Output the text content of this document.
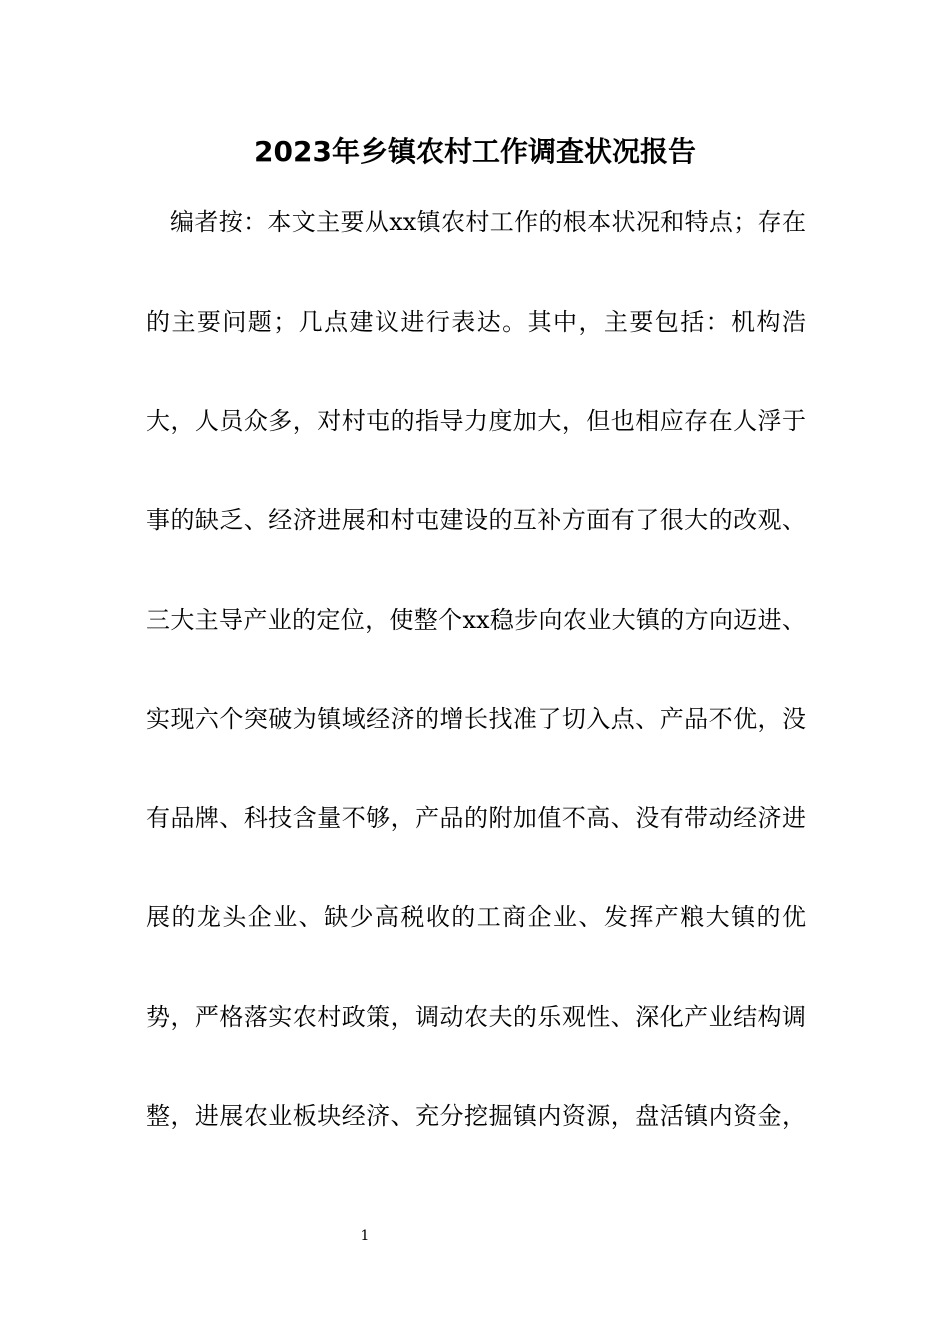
2023年乡镇农村工作调查状况报告
编者按：本文主要从xx镇农村工作的根本状况和特点；存在
的主要问题；几点建议进行表达。其中，主要包括：机构浩
大，人员众多，对村屯的指导力度加大，但也相应存在人浮于
事的缺乏、经济进展和村屯建设的互补方面有了很大的改观、
三大主导产业的定位，使整个xx稳步向农业大镇的方向迈进、
实现六个突破为镇域经济的增长找准了切入点、产品不优，没
有品牌、科技含量不够，产品的附加值不高、没有带动经济进
展的龙头企业、缺少高税收的工商企业、发挥产粮大镇的优
势，严格落实农村政策，调动农夫的乐观性、深化产业结构调
整，进展农业板块经济、充分挖掘镇内资源，盘活镇内资金，
1
